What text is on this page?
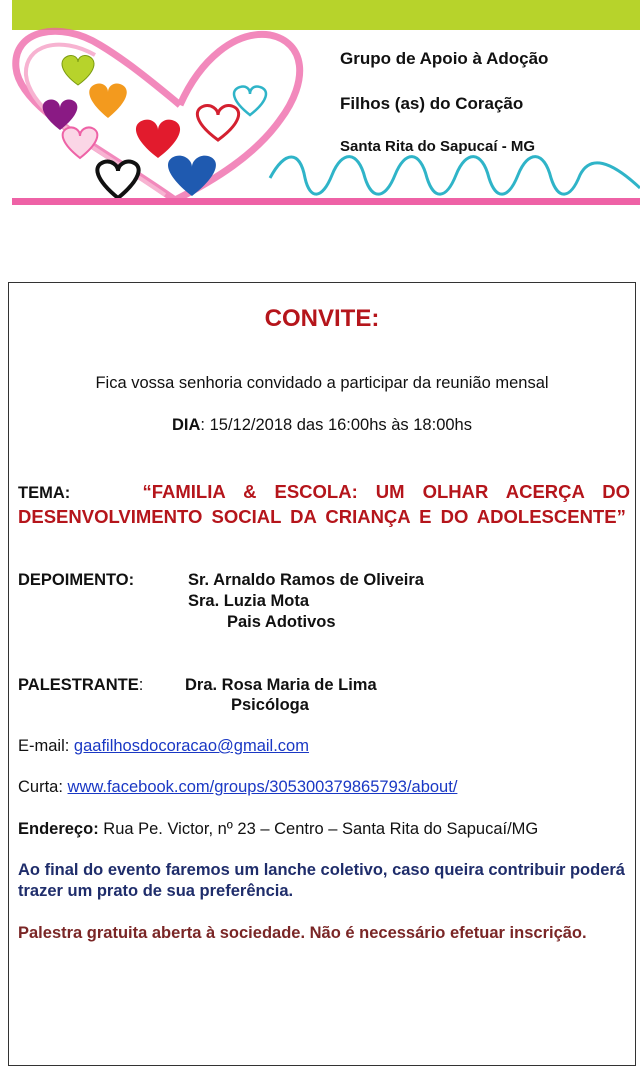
Grupo de Apoio à Adoção
Filhos (as) do Coração
Santa Rita do Sapucaí - MG
CONVITE:
Fica vossa senhoria convidado a participar da reunião mensal
DIA: 15/12/2018 das 16:00hs às 18:00hs
TEMA:	“FAMILIA & ESCOLA: UM OLHAR ACERÇA DO DESENVOLVIMENTO SOCIAL DA CRIANÇA E DO ADOLESCENTE”
DEPOIMENTO:	Sr. Arnaldo Ramos de Oliveira
Sra. Luzia Mota
Pais Adotivos
PALESTRANTE:	Dra. Rosa Maria de Lima
Psicóloga
E-mail: gaafilhosdocoracao@gmail.com
Curta: www.facebook.com/groups/305300379865793/about/
Endereço: Rua Pe. Victor, nº 23 – Centro – Santa Rita do Sapucaí/MG
Ao final do evento faremos um lanche coletivo, caso queira contribuir poderá trazer um prato de sua preferência.
Palestra gratuita aberta à sociedade. Não é necessário efetuar inscrição.
